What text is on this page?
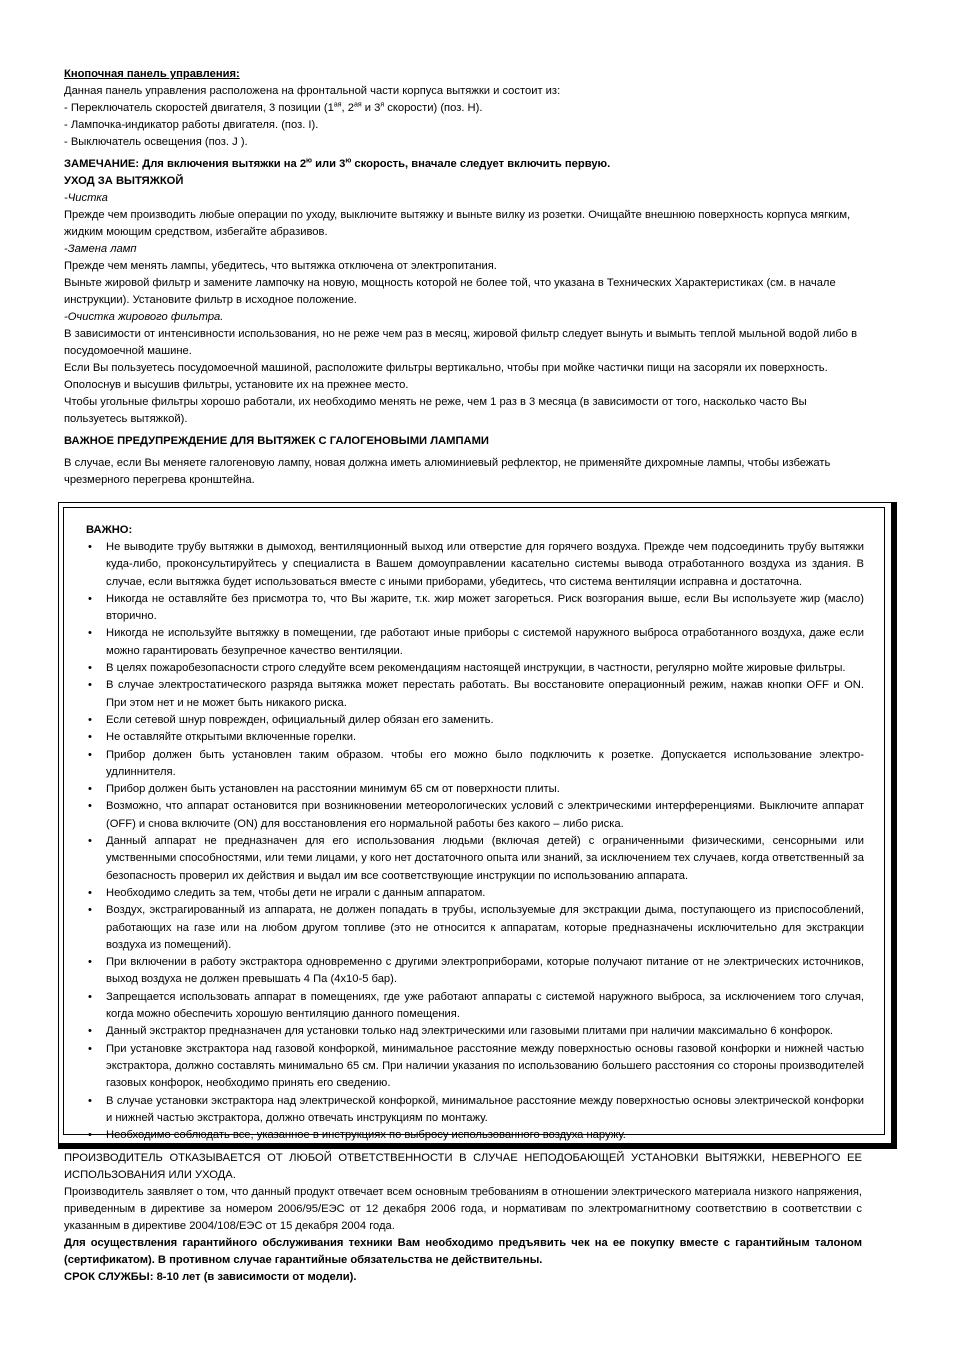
Кнопочная панель управления:

Данная панель управления расположена на фронтальной части корпуса вытяжки и состоит из:

- Переключатель скоростей двигателя, 3 позиции ($1^{ая}$, $2^{ая}$ и $3^я$ скорости) (поз. H).

- Лампочка-индикатор работы двигателя. (поз. I).

- Выключатель освещения (поз. J ).

ЗАМЕЧАНИЕ: Для включения вытяжки на $2^ю$ или $3^ю$ скорость, вначале следует включить первую.

УХОД ЗА ВЫТЯЖКОЙ

-Чистка

Прежде чем производить любые операции по уходу, выключите вытяжку и выньте вилку из розетки. Очищайте внешнюю поверхность корпуса мягким, жидким моющим средством, избегайте абразивов.

-Замена ламп

Прежде чем менять лампы, убедитесь, что вытяжка отключена от электропитания.

Выньте жировой фильтр и замените лампочку на новую, мощность которой не более той, что указана в Технических Характеристиках (см. в начале инструкции). Установите фильтр в исходное положение.

-Очистка жирового фильтра.

В зависимости от интенсивности использования, но не реже чем раз в месяц, жировой фильтр следует вынуть и вымыть теплой мыльной водой либо в посудомоечной машине.

Если Вы пользуетесь посудомоечной машиной, расположите фильтры вертикально, чтобы при мойке частички пищи на засоряли их поверхность. Ополоснув и высушив фильтры, установите их на прежнее место.

Чтобы угольные фильтры хорошо работали, их необходимо менять не реже, чем 1 раз в 3 месяца (в зависимости от того, насколько часто Вы пользуетесь вытяжкой).

ВАЖНОЕ ПРЕДУПРЕЖДЕНИЕ ДЛЯ ВЫТЯЖЕК С ГАЛОГЕНОВЫМИ ЛАМПАМИ

В случае, если Вы меняете галогеновую лампу, новая должна иметь алюминиевый рефлектор, не применяйте дихромные лампы, чтобы избежать чрезмерного перегрева кронштейна.

ВАЖНО:

• Не выводите трубу вытяжки в дымоход, вентиляционный выход или отверстие для горячего воздуха. Прежде чем подсоединить трубу вытяжки куда-либо, проконсультируйтесь у специалиста в Вашем домоуправлении касательно системы вывода отработанного воздуха из здания. В случае, если вытяжка будет использоваться вместе с иными приборами, убедитесь, что система вентиляции исправна и достаточна.
• Никогда не оставляйте без присмотра то, что Вы жарите, т.к. жир может загореться. Риск возгорания выше, если Вы используете жир (масло) вторично.
• Никогда не используйте вытяжку в помещении, где работают иные приборы с системой наружного выброса отработанного воздуха, даже если можно гарантировать безупречное качество вентиляции.
• В целях пожаробезопасности строго следуйте всем рекомендациям настоящей инструкции, в частности, регулярно мойте жировые фильтры.
• В случае электростатического разряда вытяжка может перестать работать. Вы восстановите операционный режим, нажав кнопки OFF и ON. При этом нет и не может быть никакого риска.
• Если сетевой шнур поврежден, официальный дилер обязан его заменить.
• Не оставляйте открытыми включенные горелки.
• Прибор должен быть установлен таким образом. чтобы его можно было подключить к розетке. Допускается использование электро-удлиннителя.
• Прибор должен быть установлен на расстоянии минимум 65 см от поверхности плиты.
• Возможно, что аппарат остановится при возникновении метеорологических условий с электрическими интерференциями. Выключите аппарат (OFF) и снова включите (ON) для восстановления его нормальной работы без какого – либо риска.
• Данный аппарат не предназначен для его использования людьми (включая детей) с ограниченными физическими, сенсорными или умственными способностями, или теми лицами, у кого нет достаточного опыта или знаний, за исключением тех случаев, когда ответственный за безопасность проверил их действия и выдал им все соответствующие инструкции по использованию аппарата.
• Необходимо следить за тем, чтобы дети не играли с данным аппаратом.
• Воздух, экстрагированный из аппарата, не должен попадать в трубы, используемые для экстракции дыма, поступающего из приспособлений, работающих на газе или на любом другом топливе (это не относится к аппаратам, которые предназначены исключительно для экстракции воздуха из помещений).
• При включении в работу экстрактора одновременно с другими электроприборами, которые получают питание от не электрических источников, выход воздуха не должен превышать 4 Па (4х10-5 бар).
• Запрещается использовать аппарат в помещениях, где уже работают аппараты с системой наружного выброса, за исключением того случая, когда можно обеспечить хорошую вентиляцию данного помещения.
• Данный экстрактор предназначен для установки только над электрическими или газовыми плитами при наличии максимально 6 конфорок.
• При установке экстрактора над газовой конфоркой, минимальное расстояние между поверхностью основы газовой конфорки и нижней частью экстрактора, должно составлять минимально 65 см. При наличии указания по использованию большего расстояния со стороны производителей газовых конфорок, необходимо принять его сведению.
• В случае установки экстрактора над электрической конфоркой, минимальное расстояние между поверхностью основы электрической конфорки и нижней частью экстрактора, должно отвечать инструкциям по монтажу.
• Необходимо соблюдать все, указанное в инструкциях по выбросу использованного воздуха наружу.

ПРОИЗВОДИТЕЛЬ ОТКАЗЫВАЕТСЯ ОТ ЛЮБОЙ ОТВЕТСТВЕННОСТИ В СЛУЧАЕ НЕПОДОБАЮЩЕЙ УСТАНОВКИ ВЫТЯЖКИ, НЕВЕРНОГО ЕЕ ИСПОЛЬЗОВАНИЯ ИЛИ УХОДА.

Производитель заявляет о том, что данный продукт отвечает всем основным требованиям в отношении электрического материала низкого напряжения, приведенным в директиве за номером 2006/95/ЕЭС от 12 декабря 2006 года, и нормативам по электромагнитному соответствию в соответствии с указанным в директиве 2004/108/ЕЭС от 15 декабря 2004 года.

Для осуществления гарантийного обслуживания техники Вам необходимо предъявить чек на ее покупку вместе с гарантийным талоном (сертификатом). В противном случае гарантийные обязательства не действительны.

СРОК СЛУЖБЫ: 8-10 лет (в зависимости от модели).
